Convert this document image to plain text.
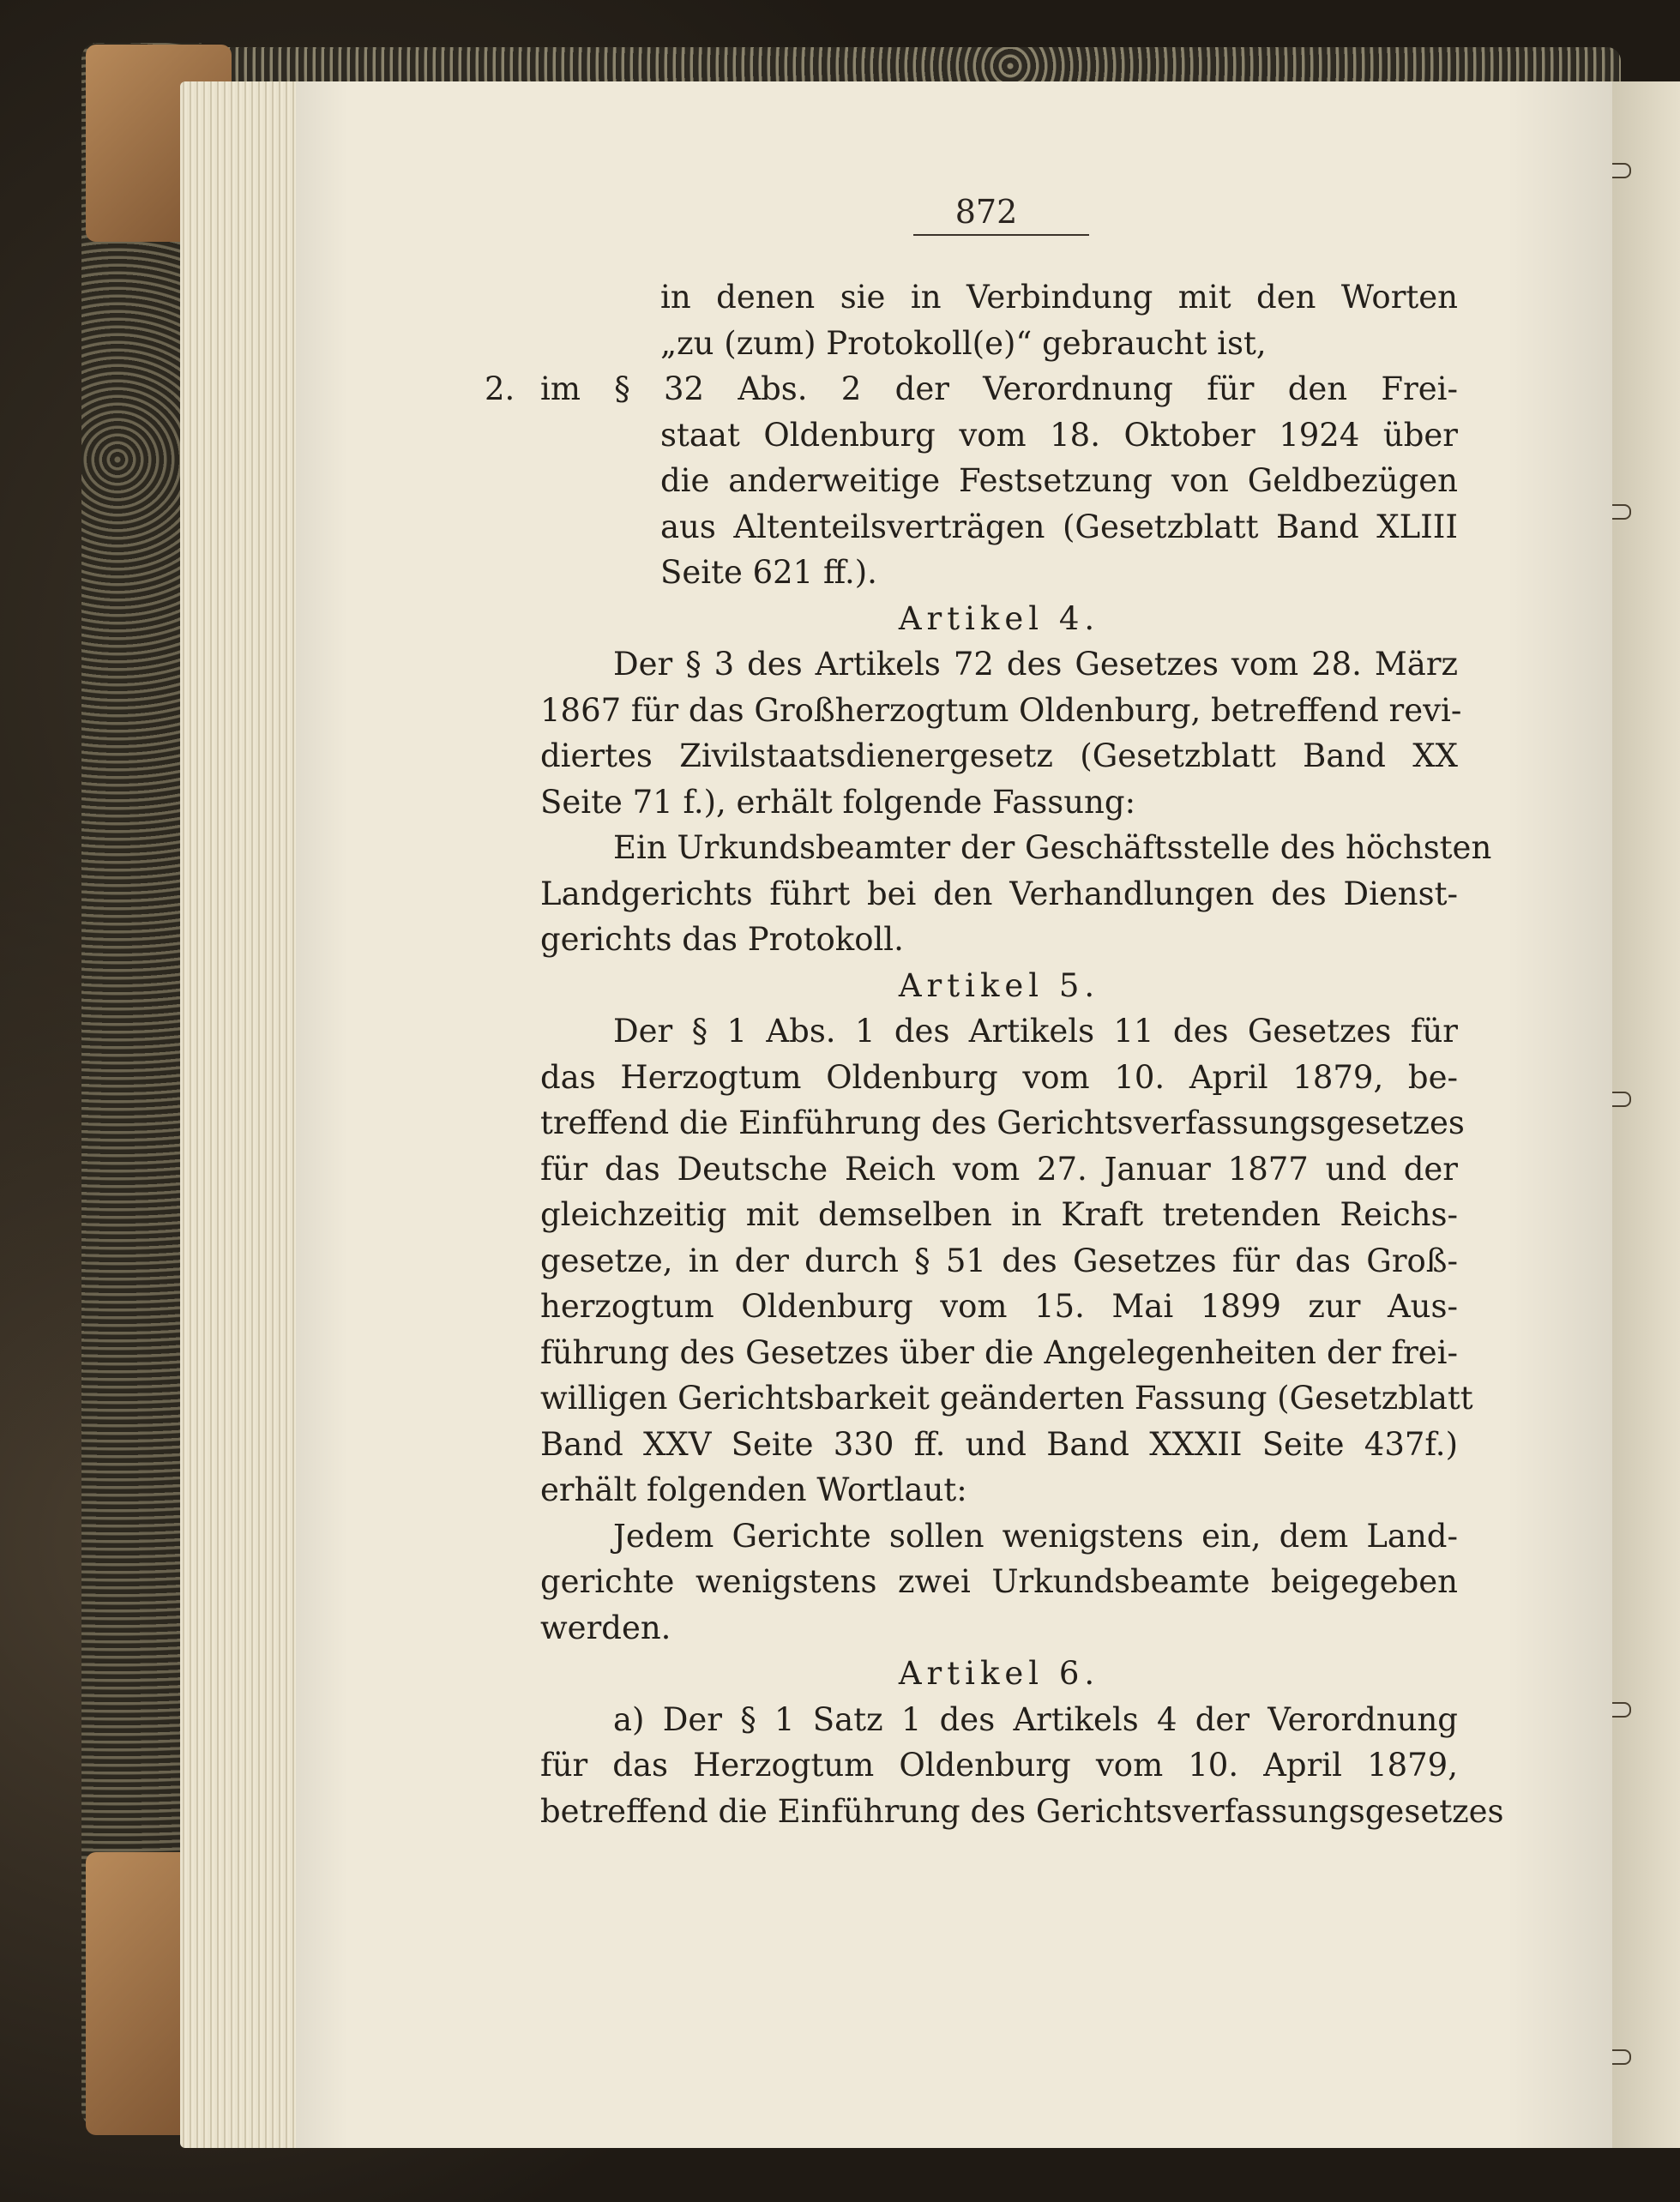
872
in denen sie in Verbindung mit den Worten
„zu (zum) Protokoll(e)“ gebraucht ist,
2. im § 32 Abs. 2 der Verordnung für den Frei-
staat Oldenburg vom 18. Oktober 1924 über
die anderweitige Festsetzung von Geldbezügen
aus Altenteilsverträgen (Gesetzblatt Band XLIII
Seite 621 ff.).
Artikel 4.
Der § 3 des Artikels 72 des Gesetzes vom 28. März
1867 für das Großherzogtum Oldenburg, betreffend revi-
diertes Zivilstaatsdienergesetz (Gesetzblatt Band XX
Seite 71 f.), erhält folgende Fassung:
Ein Urkundsbeamter der Geschäftsstelle des höchsten
Landgerichts führt bei den Verhandlungen des Dienst-
gerichts das Protokoll.
Artikel 5.
Der § 1 Abs. 1 des Artikels 11 des Gesetzes für
das Herzogtum Oldenburg vom 10. April 1879, be-
treffend die Einführung des Gerichtsverfassungsgesetzes
für das Deutsche Reich vom 27. Januar 1877 und der
gleichzeitig mit demselben in Kraft tretenden Reichs-
gesetze, in der durch § 51 des Gesetzes für das Groß-
herzogtum Oldenburg vom 15. Mai 1899 zur Aus-
führung des Gesetzes über die Angelegenheiten der frei-
willigen Gerichtsbarkeit geänderten Fassung (Gesetzblatt
Band XXV Seite 330 ff. und Band XXXII Seite 437f.)
erhält folgenden Wortlaut:
Jedem Gerichte sollen wenigstens ein, dem Land-
gerichte wenigstens zwei Urkundsbeamte beigegeben
werden.
Artikel 6.
a) Der § 1 Satz 1 des Artikels 4 der Verordnung
für das Herzogtum Oldenburg vom 10. April 1879,
betreffend die Einführung des Gerichtsverfassungsgesetzes
